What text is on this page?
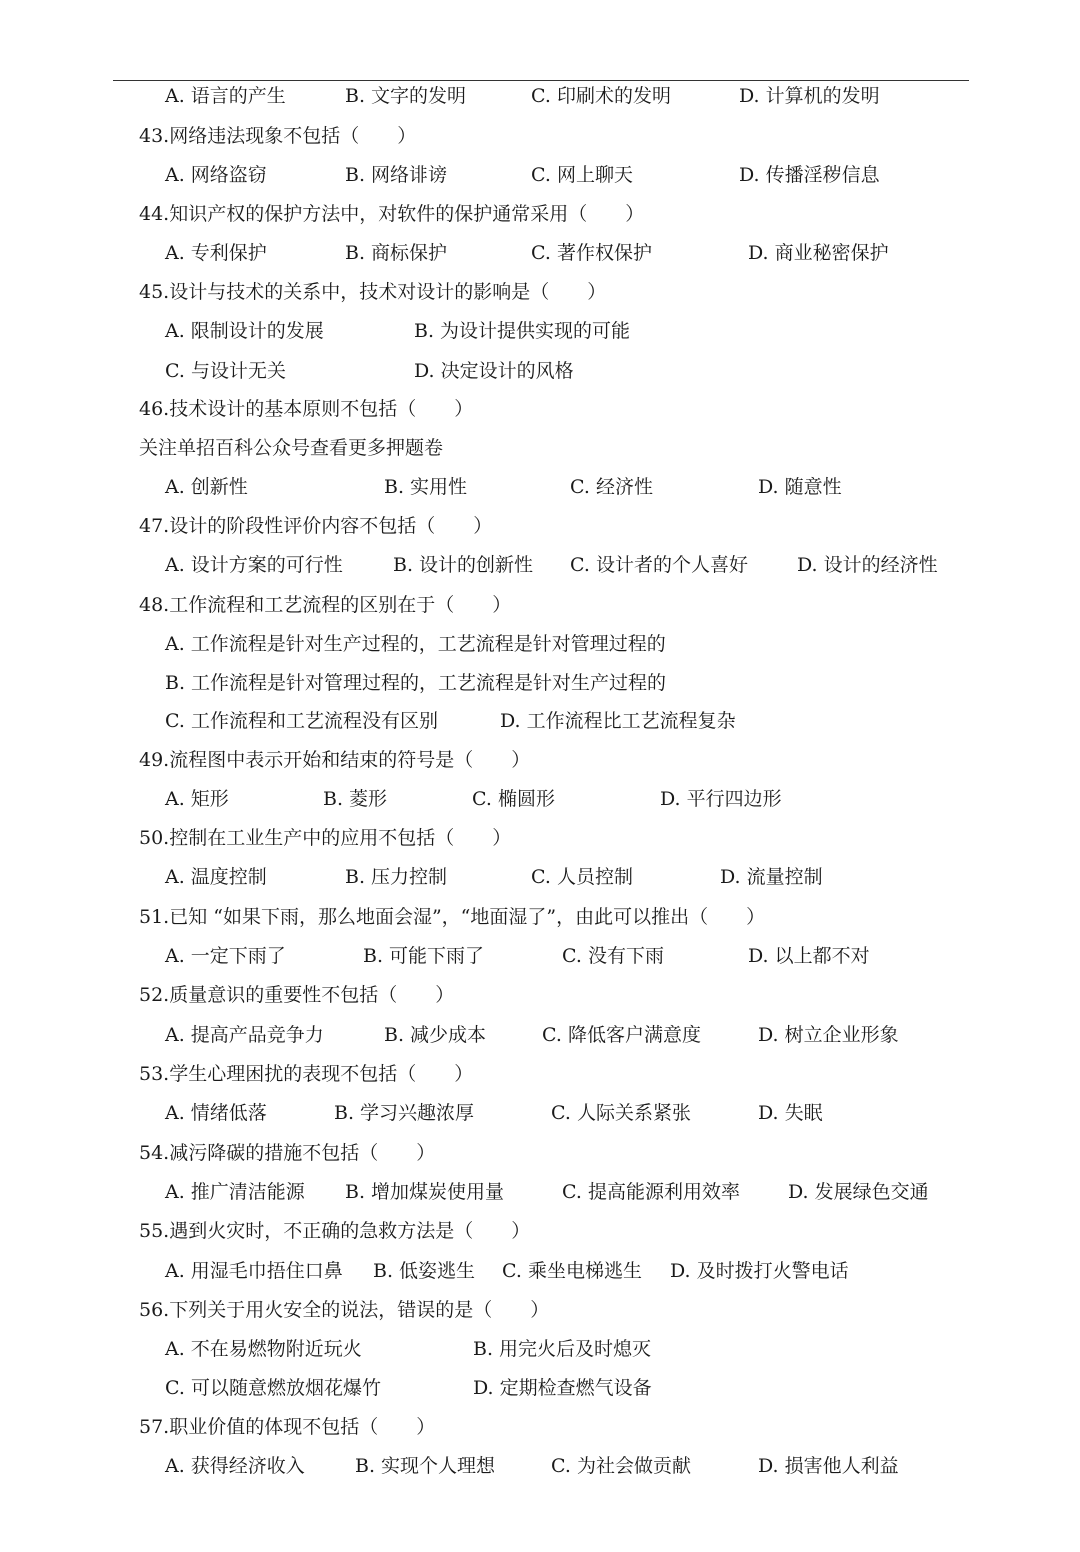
A. 语言的产生	B. 文字的发明	C. 印刷术的发明	D. 计算机的发明
43.网络违法现象不包括（　　）
A. 网络盗窃	B. 网络诽谤	C. 网上聊天	D. 传播淫秽信息
44.知识产权的保护方法中，对软件的保护通常采用（　　）
A. 专利保护	B. 商标保护	C. 著作权保护	D. 商业秘密保护
45.设计与技术的关系中，技术对设计的影响是（　　）
A. 限制设计的发展	B. 为设计提供实现的可能
C. 与设计无关	D. 决定设计的风格
46.技术设计的基本原则不包括（　　）
关注单招百科公众号查看更多押题卷
A. 创新性	B. 实用性	C. 经济性	D. 随意性
47.设计的阶段性评价内容不包括（　　）
A. 设计方案的可行性	B. 设计的创新性 C. 设计者的个人喜好	D. 设计的经济性
48.工作流程和工艺流程的区别在于（　　）
A. 工作流程是针对生产过程的，工艺流程是针对管理过程的
B. 工作流程是针对管理过程的，工艺流程是针对生产过程的
C. 工作流程和工艺流程没有区别	D. 工作流程比工艺流程复杂
49.流程图中表示开始和结束的符号是（　　）
A. 矩形	B. 菱形	C. 椭圆形	D. 平行四边形
50.控制在工业生产中的应用不包括（　　）
A. 温度控制	B. 压力控制	C. 人员控制	D. 流量控制
51.已知 “如果下雨，那么地面会湿”，“地面湿了”，由此可以推出（　　）
A. 一定下雨了	B. 可能下雨了	C. 没有下雨	D. 以上都不对
52.质量意识的重要性不包括（　　）
A. 提高产品竞争力	B. 减少成本	C. 降低客户满意度	D. 树立企业形象
53.学生心理困扰的表现不包括（　　）
A. 情绪低落	B. 学习兴趣浓厚	C. 人际关系紧张	D. 失眠
54.减污降碳的措施不包括（　　）
A. 推广清洁能源 B. 增加煤炭使用量	C. 提高能源利用效率	D. 发展绿色交通
55.遇到火灾时，不正确的急救方法是（　　）
A. 用湿毛巾捂住口鼻 B. 低姿逃生 C. 乘坐电梯逃生 D. 及时拨打火警电话
56.下列关于用火安全的说法，错误的是（　　）
A. 不在易燃物附近玩火	B. 用完火后及时熄灭
C. 可以随意燃放烟花爆竹	D. 定期检查燃气设备
57.职业价值的体现不包括（　　）
A. 获得经济收入	B. 实现个人理想	C. 为社会做贡献	D. 损害他人利益
